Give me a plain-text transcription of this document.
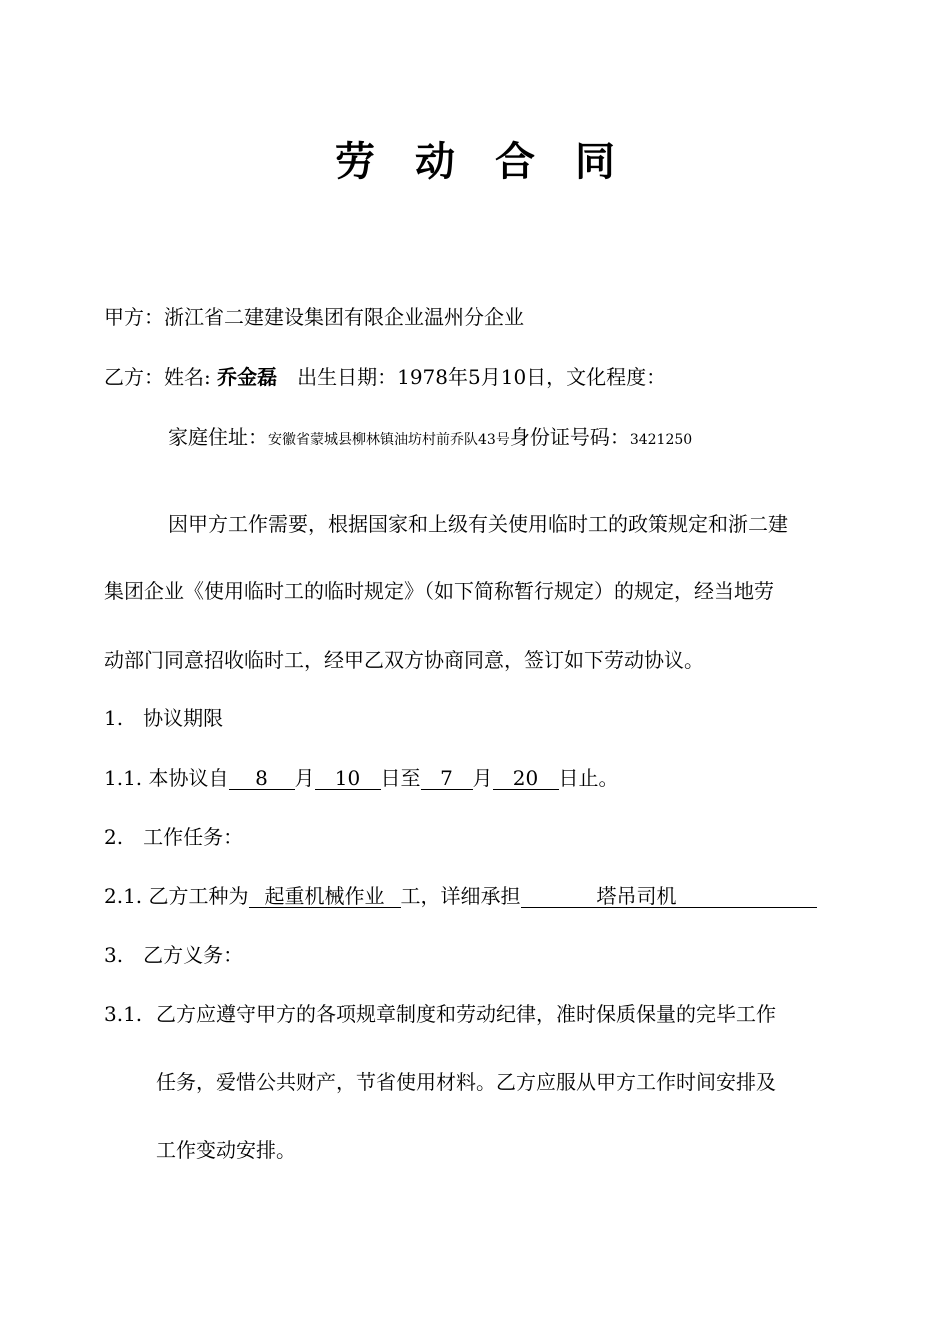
劳 动 合 同
甲方：浙江省二建建设集团有限企业温州分企业
乙方：姓名: 乔金磊　 出生日期：1978年5月10日，文化程度：
家庭住址：安徽省蒙城县柳林镇油坊村前乔队43号身份证号码：3421250
因甲方工作需要，根据国家和上级有关使用临时工的政策规定和浙二建
集团企业《使用临时工的临时规定》（如下简称暂行规定）的规定，经当地劳
动部门同意招收临时工，经甲乙双方协商同意，签订如下劳动协议。
1.　协议期限
1.1. 本协议自 8 月 10 日至 7 月 20 日止。
2.　工作任务：
2.1. 乙方工种为 起重机械作业 工，详细承担	塔吊司机
3.　乙方义务：
3.1. 乙方应遵守甲方的各项规章制度和劳动纪律，准时保质保量的完毕工作
任务，爱惜公共财产，节省使用材料。乙方应服从甲方工作时间安排及
工作变动安排。
